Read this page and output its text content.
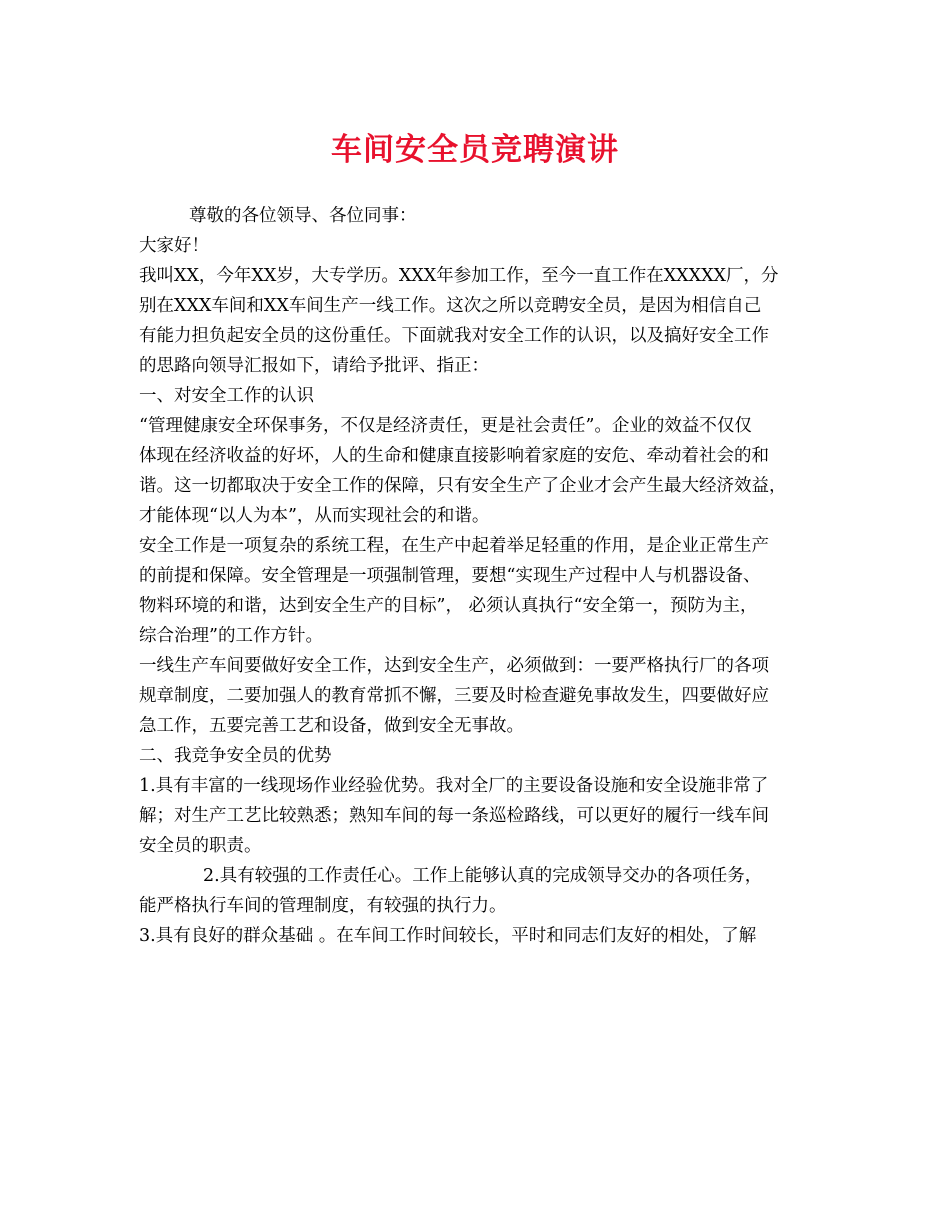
车间安全员竞聘演讲

尊敬的各位领导、各位同事：

大家好！

我叫XX，今年XX岁，大专学历。XXX年参加工作，至今一直工作在XXXXX厂，分

别在XXX车间和XX车间生产一线工作。这次之所以竞聘安全员，是因为相信自己

有能力担负起安全员的这份重任。下面就我对安全工作的认识，以及搞好安全工作

的思路向领导汇报如下，请给予批评、指正：

一、对安全工作的认识

“管理健康安全环保事务，不仅是经济责任，更是社会责任”。企业的效益不仅仅

体现在经济收益的好坏，人的生命和健康直接影响着家庭的安危、牵动着社会的和

谐。这一切都取决于安全工作的保障，只有安全生产了企业才会产生最大经济效益，

才能体现“以人为本”，从而实现社会的和谐。

安全工作是一项复杂的系统工程，在生产中起着举足轻重的作用，是企业正常生产

的前提和保障。安全管理是一项强制管理，要想“实现生产过程中人与机器设备、

物料环境的和谐，达到安全生产的目标”， 必须认真执行“安全第一，预防为主，

综合治理”的工作方针。

一线生产车间要做好安全工作，达到安全生产，必须做到：一要严格执行厂的各项

规章制度，二要加强人的教育常抓不懈，三要及时检查避免事故发生，四要做好应

急工作，五要完善工艺和设备，做到安全无事故。

二、我竞争安全员的优势

1.具有丰富的一线现场作业经验优势。我对全厂的主要设备设施和安全设施非常了

解；对生产工艺比较熟悉；熟知车间的每一条巡检路线，可以更好的履行一线车间

安全员的职责。

2.具有较强的工作责任心。工作上能够认真的完成领导交办的各项任务，

能严格执行车间的管理制度，有较强的执行力。

3.具有良好的群众基础 。在车间工作时间较长，平时和同志们友好的相处，了解
